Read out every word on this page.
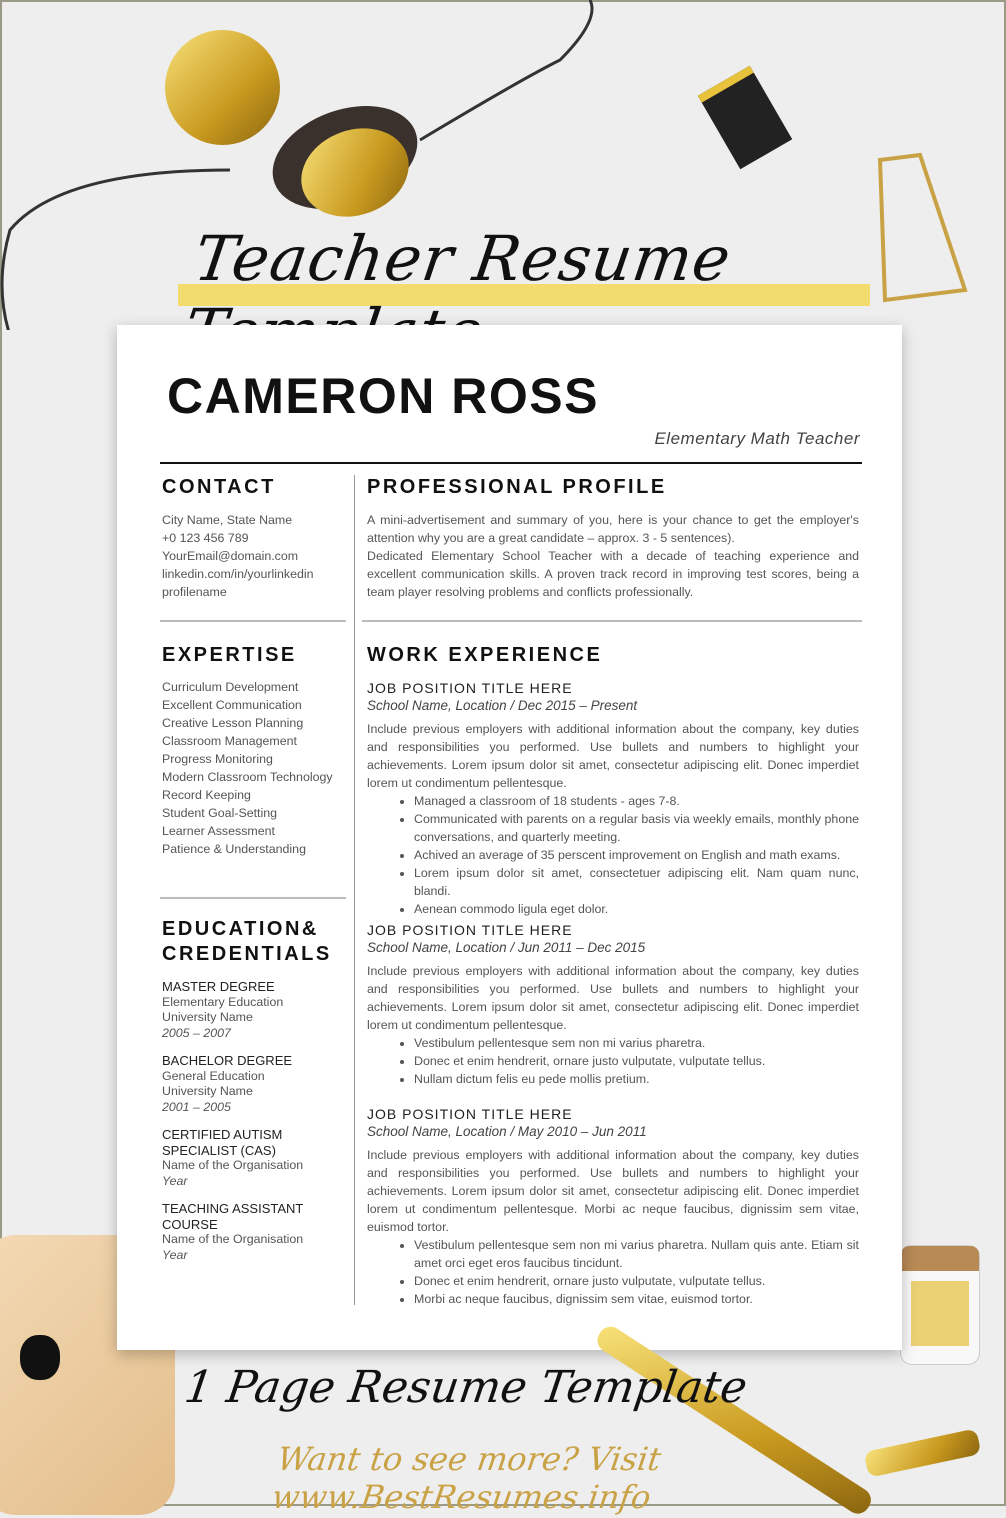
Teacher Resume
CAMERON ROSS
Elementary Math Teacher
CONTACT
City Name, State Name
+0 123 456 789
YourEmail@domain.com
linkedin.com/in/yourlinkedin
profilename
PROFESSIONAL PROFILE
A mini-advertisement and summary of you, here is your chance to get the employer's attention why you are a great candidate – approx. 3 - 5 sentences).
Dedicated Elementary School Teacher with a decade of teaching experience and excellent communication skills. A proven track record in improving test scores, being a team player resolving problems and conflicts professionally.
EXPERTISE
Curriculum Development
Excellent Communication
Creative Lesson Planning
Classroom Management
Progress Monitoring
Modern Classroom Technology
Record Keeping
Student Goal-Setting
Learner Assessment
Patience & Understanding
EDUCATION&
CREDENTIALS
MASTER DEGREE
Elementary Education
University Name
2005 – 2007
BACHELOR DEGREE
General Education
University Name
2001 – 2005
CERTIFIED AUTISM SPECIALIST (CAS)
Name of the Organisation
Year
TEACHING ASSISTANT COURSE
Name of the Organisation
Year
WORK EXPERIENCE
JOB POSITION TITLE HERE
School Name, Location / Dec 2015 – Present
Include previous employers with additional information about the company, key duties and responsibilities you performed. Use bullets and numbers to highlight your achievements. Lorem ipsum dolor sit amet, consectetur adipiscing elit. Donec imperdiet lorem ut condimentum pellentesque.
• Managed a classroom of 18 students - ages 7-8.
• Communicated with parents on a regular basis via weekly emails, monthly phone conversations, and quarterly meeting.
• Achived an average of 35 perscent improvement on English and math exams.
• Lorem ipsum dolor sit amet, consectetuer adipiscing elit. Nam quam nunc, blandi.
• Aenean commodo ligula eget dolor.
JOB POSITION TITLE HERE
School Name, Location / Jun 2011 – Dec 2015
Include previous employers with additional information about the company, key duties and responsibilities you performed. Use bullets and numbers to highlight your achievements. Lorem ipsum dolor sit amet, consectetur adipiscing elit. Donec imperdiet lorem ut condimentum pellentesque.
• Vestibulum pellentesque sem non mi varius pharetra.
• Donec et enim hendrerit, ornare justo vulputate, vulputate tellus.
• Nullam dictum felis eu pede mollis pretium.
JOB POSITION TITLE HERE
School Name, Location / May 2010 – Jun 2011
Include previous employers with additional information about the company, key duties and responsibilities you performed. Use bullets and numbers to highlight your achievements. Lorem ipsum dolor sit amet, consectetur adipiscing elit. Donec imperdiet lorem ut condimentum pellentesque. Morbi ac neque faucibus, dignissim sem vitae, euismod tortor.
• Vestibulum pellentesque sem non mi varius pharetra. Nullam quis ante. Etiam sit amet orci eget eros faucibus tincidunt.
• Donec et enim hendrerit, ornare justo vulputate, vulputate tellus.
• Morbi ac neque faucibus, dignissim sem vitae, euismod tortor.
1 Page Resume Template
Want to see more? Visit www.BestResumes.info
